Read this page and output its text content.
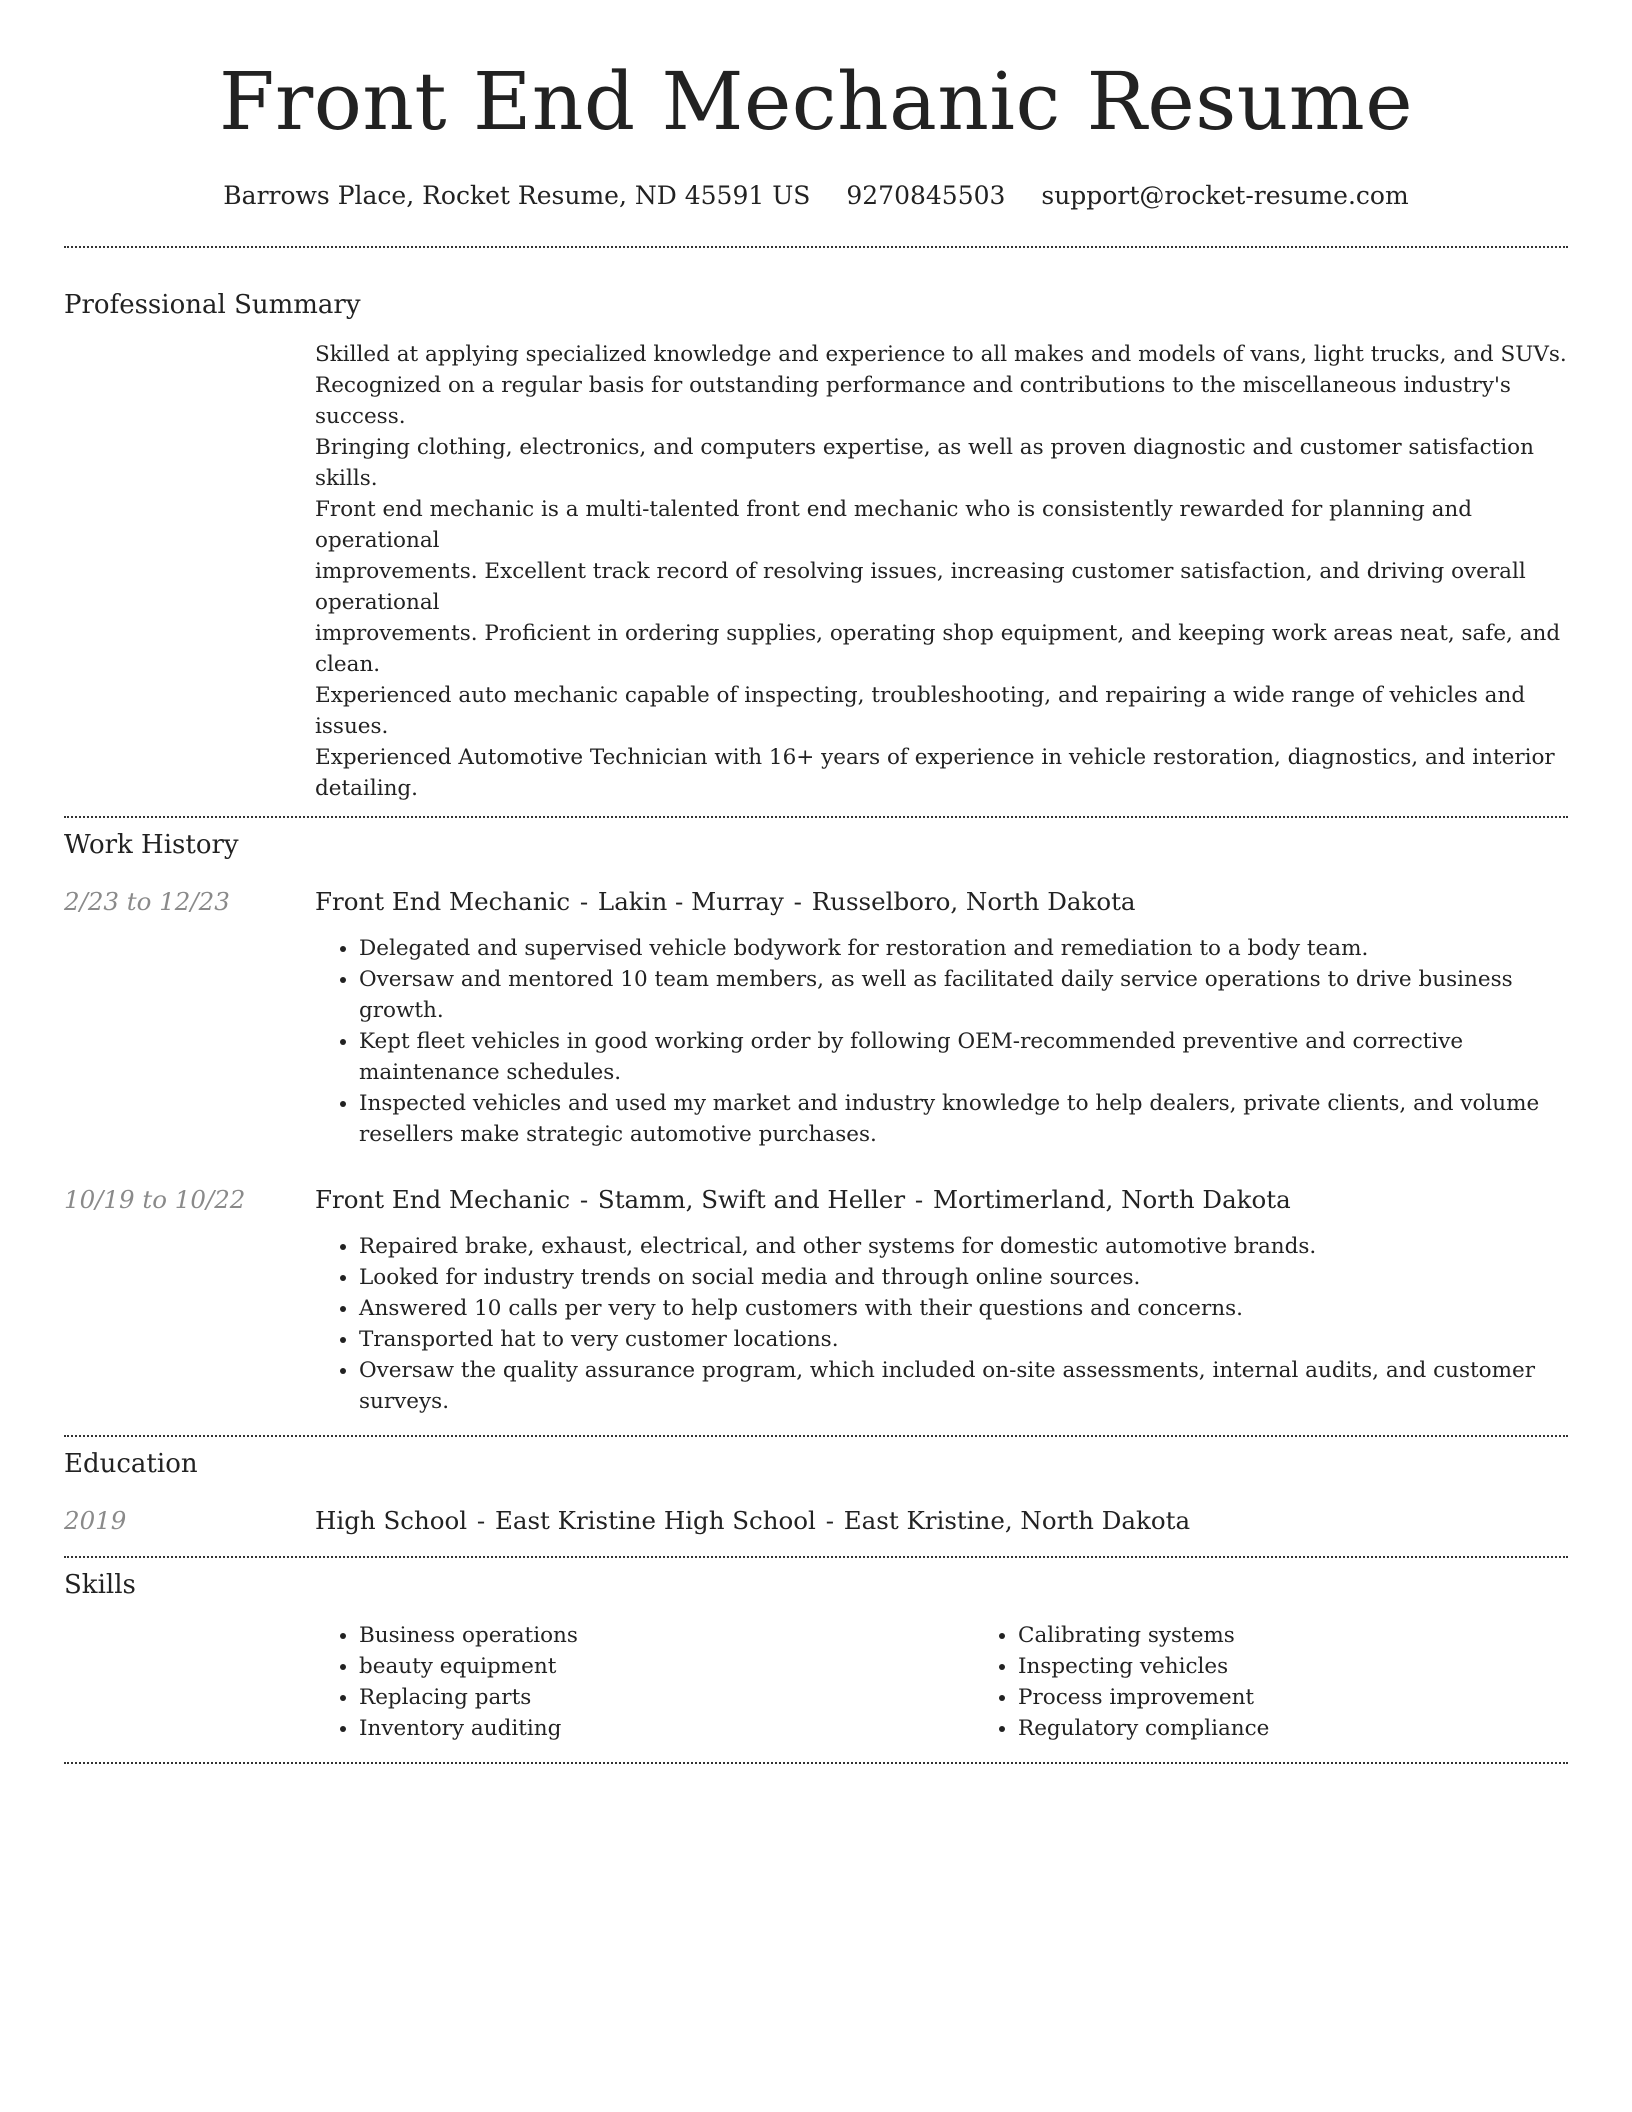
Front End Mechanic Resume
Barrows Place, Rocket Resume, ND 45591 US 9270845503 support@rocket-resume.com
Professional Summary

Skilled at applying specialized knowledge and experience to all makes and models of vans, light trucks, and SUVs.

Recognized on a regular basis for outstanding performance and contributions to the miscellaneous industry's success.

Bringing clothing, electronics, and computers expertise, as well as proven diagnostic and customer satisfaction skills.

Front end mechanic is a multi-talented front end mechanic who is consistently rewarded for planning and operational

improvements. Excellent track record of resolving issues, increasing customer satisfaction, and driving overall operational

improvements. Proficient in ordering supplies, operating shop equipment, and keeping work areas neat, safe, and clean.

Experienced auto mechanic capable of inspecting, troubleshooting, and repairing a wide range of vehicles and issues.

Experienced Automotive Technician with 16+ years of experience in vehicle restoration, diagnostics, and interior detailing.

Work History
2/23 to 12/23	Front End Mechanic - Lakin - Murray - Russelboro, North Dakota
• Delegated and supervised vehicle bodywork for restoration and remediation to a body team.
• Oversaw and mentored 10 team members, as well as facilitated daily service operations to drive business growth.
• Kept fleet vehicles in good working order by following OEM-recommended preventive and corrective maintenance schedules.
• Inspected vehicles and used my market and industry knowledge to help dealers, private clients, and volume resellers make strategic automotive purchases.
10/19 to 10/22	Front End Mechanic - Stamm, Swift and Heller - Mortimerland, North Dakota
• Repaired brake, exhaust, electrical, and other systems for domestic automotive brands.
• Looked for industry trends on social media and through online sources.
• Answered 10 calls per very to help customers with their questions and concerns.
• Transported hat to very customer locations.
• Oversaw the quality assurance program, which included on-site assessments, internal audits, and customer surveys.
Education
2019	High School - East Kristine High School - East Kristine, North Dakota
Skills
• Business operations
• beauty equipment
• Replacing parts
• Inventory auditing
• Calibrating systems
• Inspecting vehicles
• Process improvement
• Regulatory compliance
